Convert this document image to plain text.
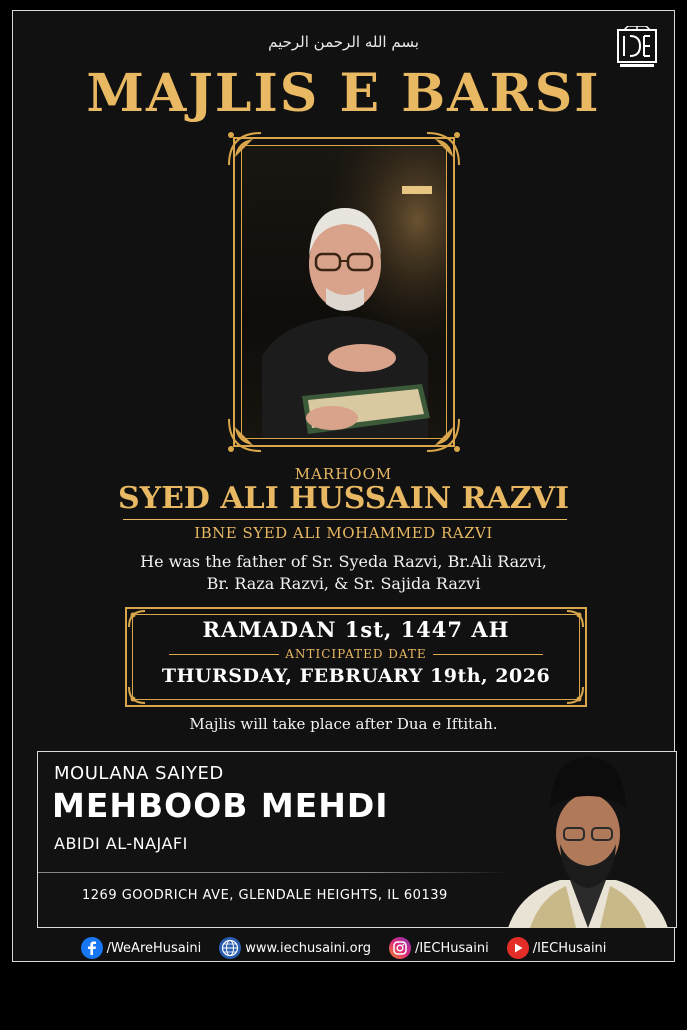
بسم الله الرحمن الرحيم
MAJLIS E BARSI
MARHOOM
SYED ALI HUSSAIN RAZVI
IBNE SYED ALI MOHAMMED RAZVI
He was the father of Sr. Syeda Razvi, Br.Ali Razvi,
Br. Raza Razvi, & Sr. Sajida Razvi
RAMADAN 1st, 1447 AH
ANTICIPATED DATE
THURSDAY, FEBRUARY 19th, 2026
Majlis will take place after Dua e Iftitah.
MOULANA SAIYED
MEHBOOB MEHDI
ABIDI AL-NAJAFI
1269 GOODRICH AVE, GLENDALE HEIGHTS, IL 60139
/WeAreHusaini	www.iechusaini.org	/IECHusaini	/IECHusaini
